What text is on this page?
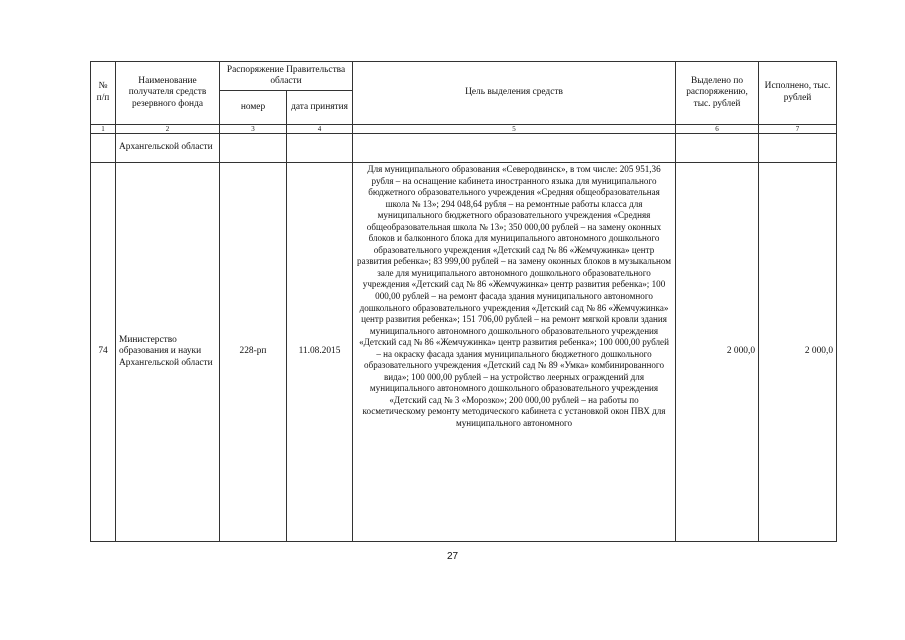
№ п/п	Наименование получателя средств резервного фонда	Распоряжение Правительства области		Цель выделения средств	Выделено по распоряжению, тыс. рублей	Исполнено, тыс. рублей
		номер	дата принятия			
1	2	3	4	5	6	7
	Архангельской области					
74	Министерство образования и науки Архангельской области	228-рп	11.08.2015	Для муниципального образования «Северодвинск», в том числе: 205 951,36 рубля – на оснащение кабинета иностранного языка для муниципального бюджетного образовательного учреждения «Средняя общеобразовательная школа № 13»; 294 048,64 рубля – на ремонтные работы класса для муниципального бюджетного образовательного учреждения «Средняя общеобразовательная школа № 13»; 350 000,00 рублей – на замену оконных блоков и балконного блока для муниципального автономного дошкольного образовательного учреждения «Детский сад № 86 «Жемчужинка» центр развития ребенка»; 83 999,00 рублей – на замену оконных блоков в музыкальном зале для муниципального автономного дошкольного образовательного учреждения «Детский сад № 86 «Жемчужинка» центр развития ребенка»; 100 000,00 рублей – на ремонт фасада здания муниципального автономного дошкольного образовательного учреждения «Детский сад № 86 «Жемчужинка» центр развития ребенка»; 151 706,00 рублей – на ремонт мягкой кровли здания муниципального автономного дошкольного образовательного учреждения «Детский сад № 86 «Жемчужинка» центр развития ребенка»; 100 000,00 рублей – на окраску фасада здания муниципального бюджетного дошкольного образовательного учреждения «Детский сад № 89 «Умка» комбинированного вида»; 100 000,00 рублей – на устройство леерных ограждений для муниципального автономного дошкольного образовательного учреждения «Детский сад № 3 «Морозко»; 200 000,00 рублей – на работы по косметическому ремонту методического кабинета с установкой окон ПВХ для муниципального автономного	2 000,0	2 000,0
27
